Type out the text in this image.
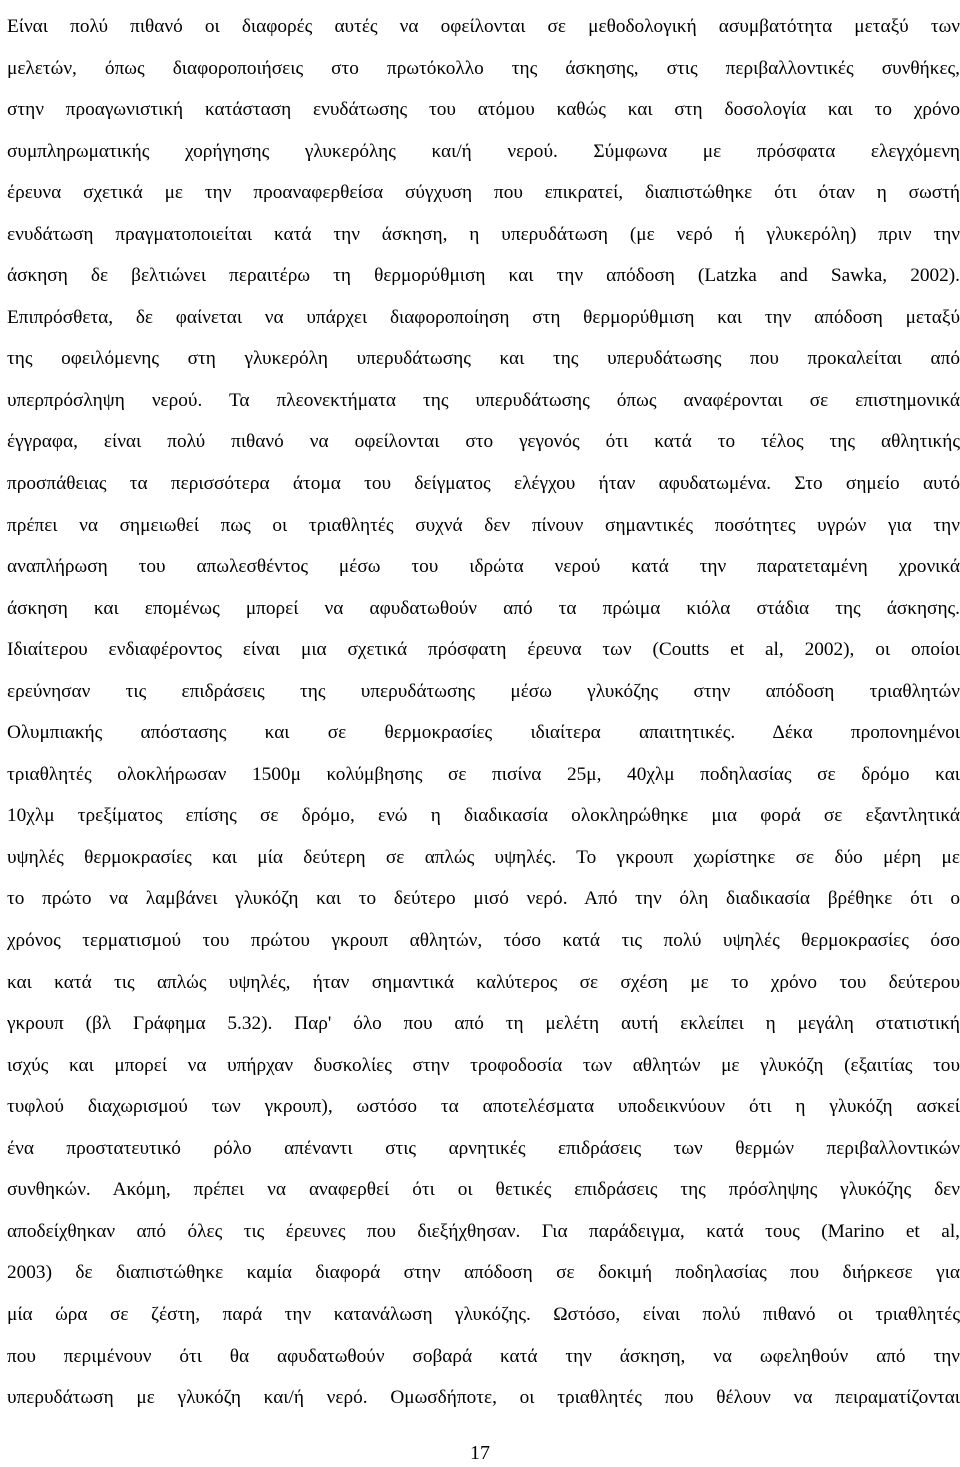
Είναι πολύ πιθανό οι διαφορές αυτές να οφείλονται σε μεθοδολογική ασυμβατότητα μεταξύ των
μελετών, όπως διαφοροποιήσεις στο πρωτόκολλο της άσκησης, στις περιβαλλοντικές συνθήκες,
στην προαγωνιστική κατάσταση ενυδάτωσης του ατόμου καθώς και στη δοσολογία και το χρόνο
συμπληρωματικής χορήγησης γλυκερόλης και/ή νερού. Σύμφωνα με πρόσφατα ελεγχόμενη
έρευνα σχετικά με την προαναφερθείσα σύγχυση που επικρατεί, διαπιστώθηκε ότι όταν η σωστή
ενυδάτωση πραγματοποιείται κατά την άσκηση, η υπερυδάτωση (με νερό ή γλυκερόλη) πριν την
άσκηση δε βελτιώνει περαιτέρω τη θερμορύθμιση και την απόδοση (Latzka and Sawka, 2002).
Επιπρόσθετα, δε φαίνεται να υπάρχει διαφοροποίηση στη θερμορύθμιση και την απόδοση μεταξύ
της οφειλόμενης στη γλυκερόλη υπερυδάτωσης και της υπερυδάτωσης που προκαλείται από
υπερπρόσληψη νερού. Τα πλεονεκτήματα της υπερυδάτωσης όπως αναφέρονται σε επιστημονικά
έγγραφα, είναι πολύ πιθανό να οφείλονται στο γεγονός ότι κατά το τέλος της αθλητικής
προσπάθειας τα περισσότερα άτομα του δείγματος ελέγχου ήταν αφυδατωμένα. Στο σημείο αυτό
πρέπει να σημειωθεί πως οι τριαθλητές συχνά δεν πίνουν σημαντικές ποσότητες υγρών για την
αναπλήρωση του απωλεσθέντος μέσω του ιδρώτα νερού κατά την παρατεταμένη χρονικά
άσκηση και επομένως μπορεί να αφυδατωθούν από τα πρώιμα κιόλα στάδια της άσκησης.
Ιδιαίτερου ενδιαφέροντος είναι μια σχετικά πρόσφατη έρευνα των (Coutts et al, 2002), οι οποίοι
ερεύνησαν τις επιδράσεις της υπερυδάτωσης μέσω γλυκόζης στην απόδοση τριαθλητών
Ολυμπιακής απόστασης και σε θερμοκρασίες ιδιαίτερα απαιτητικές. Δέκα προπονημένοι
τριαθλητές ολοκλήρωσαν 1500μ κολύμβησης σε πισίνα 25μ, 40χλμ ποδηλασίας σε δρόμο και
10χλμ τρεξίματος επίσης σε δρόμο, ενώ η διαδικασία ολοκληρώθηκε μια φορά σε εξαντλητικά
υψηλές θερμοκρασίες και μία δεύτερη σε απλώς υψηλές. Το γκρουπ χωρίστηκε σε δύο μέρη με
το πρώτο να λαμβάνει γλυκόζη και το δεύτερο μισό νερό. Από την όλη διαδικασία βρέθηκε ότι ο
χρόνος τερματισμού του πρώτου γκρουπ αθλητών, τόσο κατά τις πολύ υψηλές θερμοκρασίες όσο
και κατά τις απλώς υψηλές, ήταν σημαντικά καλύτερος σε σχέση με το χρόνο του δεύτερου
γκρουπ (βλ Γράφημα 5.32). Παρ' όλο που από τη μελέτη αυτή εκλείπει η μεγάλη στατιστική
ισχύς και μπορεί να υπήρχαν δυσκολίες στην τροφοδοσία των αθλητών με γλυκόζη (εξαιτίας του
τυφλού διαχωρισμού των γκρουπ), ωστόσο τα αποτελέσματα υποδεικνύουν ότι η γλυκόζη ασκεί
ένα προστατευτικό ρόλο απέναντι στις αρνητικές επιδράσεις των θερμών περιβαλλοντικών
συνθηκών. Ακόμη, πρέπει να αναφερθεί ότι οι θετικές επιδράσεις της πρόσληψης γλυκόζης δεν
αποδείχθηκαν από όλες τις έρευνες που διεξήχθησαν. Για παράδειγμα, κατά τους (Marino et al,
2003) δε διαπιστώθηκε καμία διαφορά στην απόδοση σε δοκιμή ποδηλασίας που διήρκεσε για
μία ώρα σε ζέστη, παρά την κατανάλωση γλυκόζης. Ωστόσο, είναι πολύ πιθανό οι τριαθλητές
που περιμένουν ότι θα αφυδατωθούν σοβαρά κατά την άσκηση, να ωφεληθούν από την
υπερυδάτωση με γλυκόζη και/ή νερό. Ομωσδήποτε, οι τριαθλητές που θέλουν να πειραματίζονται
17
